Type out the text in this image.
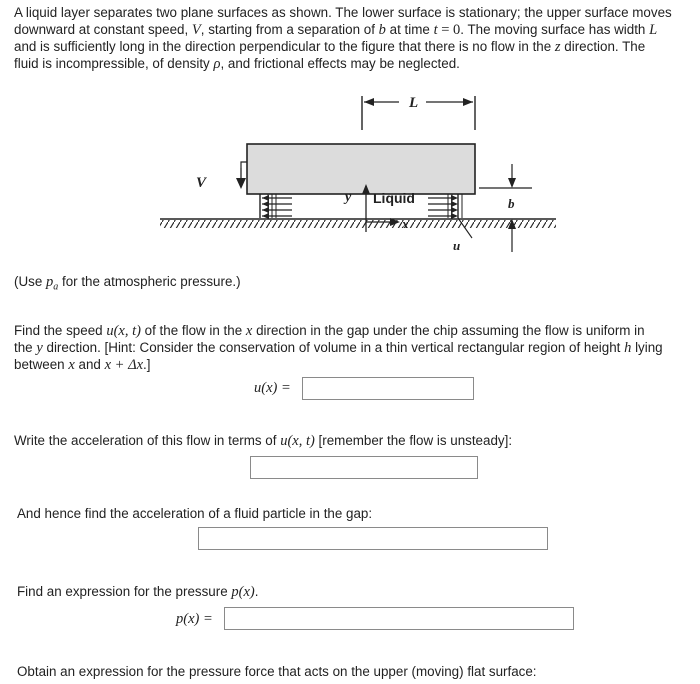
A liquid layer separates two plane surfaces as shown. The lower surface is stationary; the upper surface moves
downward at constant speed, V, starting from a separation of b at time t = 0. The moving surface has width L
and is sufficiently long in the direction perpendicular to the figure that there is no flow in the z direction. The
fluid is incompressible, of density ρ, and frictional effects may be neglected.
L
V
y Liquid
x
u
b
(Use $p_a$ for the atmospheric pressure.)
Find the speed u(x, t) of the flow in the x direction in the gap under the chip assuming the flow is uniform in
the y direction. [Hint: Consider the conservation of volume in a thin vertical rectangular region of height h lying
between x and x + Δx.]
u(x) =
Write the acceleration of this flow in terms of u(x, t) [remember the flow is unsteady]:
And hence find the acceleration of a fluid particle in the gap:
Find an expression for the pressure p(x).
p(x) =
Obtain an expression for the pressure force that acts on the upper (moving) flat surface:
